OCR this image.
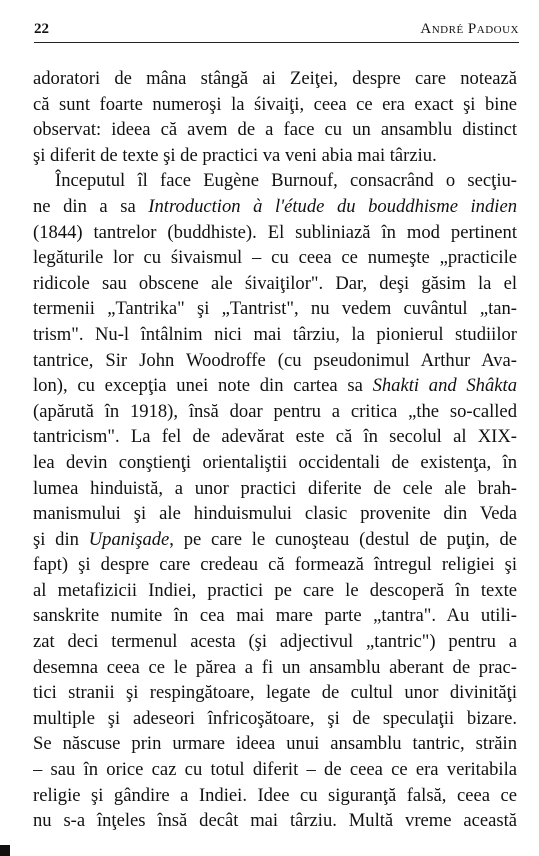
22	André Padoux
adoratori de mâna stângă ai Zeiţei, despre care notează
că sunt foarte numeroşi la śivaiţi, ceea ce era exact şi bine
observat: ideea că avem de a face cu un ansamblu distinct
şi diferit de texte şi de practici va veni abia mai târziu.
Începutul îl face Eugène Burnouf, consacrând o secţiu-
ne din a sa Introduction à l'étude du bouddhisme indien
(1844) tantrelor (buddhiste). El subliniază în mod pertinent
legăturile lor cu śivaismul – cu ceea ce numeşte „practicile
ridicole sau obscene ale śivaiţilor". Dar, deşi găsim la el
termenii „Tantrika" şi „Tantrist", nu vedem cuvântul „tan-
trism". Nu-l întâlnim nici mai târziu, la pionierul studiilor
tantrice, Sir John Woodroffe (cu pseudonimul Arthur Ava-
lon), cu excepţia unei note din cartea sa Shakti and Shâkta
(apărută în 1918), însă doar pentru a critica „the so-called
tantricism". La fel de adevărat este că în secolul al XIX-
lea devin conştienţi orientaliştii occidentali de existenţa, în
lumea hinduistă, a unor practici diferite de cele ale brah-
manismului şi ale hinduismului clasic provenite din Veda
şi din Upanişade, pe care le cunoşteau (destul de puţin, de
fapt) şi despre care credeau că formează întregul religiei şi
al metafizicii Indiei, practici pe care le descoperă în texte
sanskrite numite în cea mai mare parte „tantra". Au utili-
zat deci termenul acesta (şi adjectivul „tantric") pentru a
desemna ceea ce le părea a fi un ansamblu aberant de prac-
tici stranii şi respingătoare, legate de cultul unor divinităţi
multiple şi adeseori înfricoşătoare, şi de speculaţii bizare.
Se născuse prin urmare ideea unui ansamblu tantric, străin
– sau în orice caz cu totul diferit – de ceea ce era veritabila
religie şi gândire a Indiei. Idee cu siguranţă falsă, ceea ce
nu s-a înţeles însă decât mai târziu. Multă vreme această
